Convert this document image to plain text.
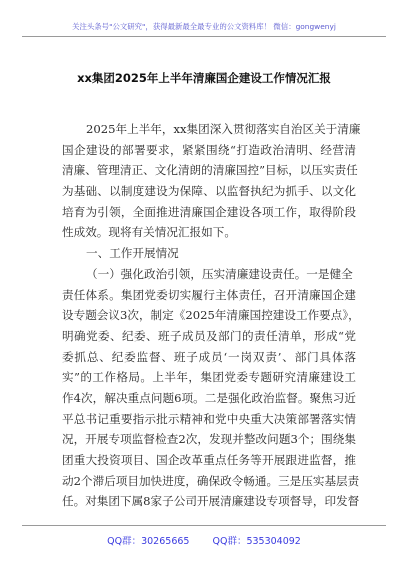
关注头条号"公文研究"，获得最新最全最专业的公文资料库！ 微信：gongwenyj
xx集团2025年上半年清廉国企建设工作情况汇报
2025年上半年，xx集团深入贯彻落实自治区关于清廉
国企建设的部署要求，紧紧围绕“打造政治清明、经营清
清廉、管理清正、文化清朗的清廉国控”目标，以压实责任
为基础、以制度建设为保障、以监督执纪为抓手、以文化
培育为引领，全面推进清廉国企建设各项工作，取得阶段
性成效。现将有关情况汇报如下。
一、工作开展情况
（一）强化政治引领，压实清廉建设责任。一是健全
责任体系。集团党委切实履行主体责任，召开清廉国企建
设专题会议3次，制定《2025年清廉国控建设工作要点》，
明确党委、纪委、班子成员及部门的责任清单，形成“党
委抓总、纪委监督、班子成员‘一岗双责’、部门具体落
实”的工作格局。上半年，集团党委专题研究清廉建设工
作4次，解决重点问题6项。二是强化政治监督。聚焦习近
平总书记重要指示批示精神和党中央重大决策部署落实情
况，开展专项监督检查2次，发现并整改问题3个；围绕集
团重大投资项目、国企改革重点任务等开展跟进监督，推
动2个滞后项目加快进度，确保政令畅通。三是压实基层责
任。对集团下属8家子公司开展清廉建设专项督导，印发督
QQ群：30265665 QQ群：535304092
